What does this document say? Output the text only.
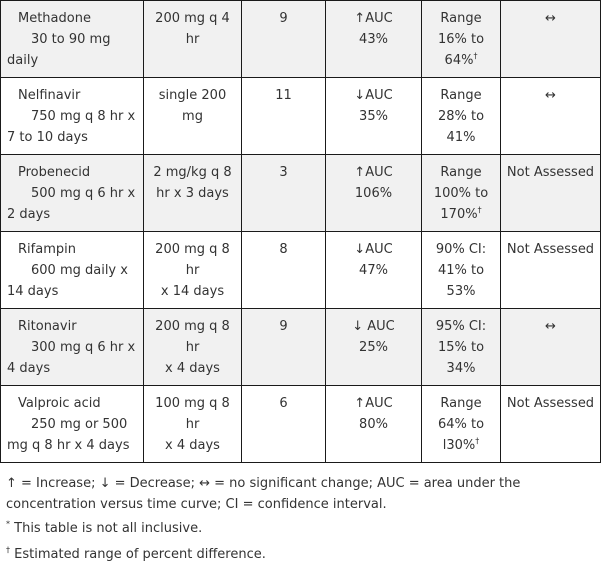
Methadone
30 to 90 mg daily	200 mg q 4
hr	9	↑AUC
43%	Range
16% to
64%†	↔

Nelfinavir
750 mg q 8 hr x 7 to 10 days	single 200
mg	11	↓AUC
35%	Range
28% to
41%	↔

Probenecid
500 mg q 6 hr x 2 days	2 mg/kg q 8
hr x 3 days	3	↑AUC
106%	Range
100% to
170%†	Not Assessed

Rifampin
600 mg daily x 14 days	200 mg q 8
hr
x 14 days	8	↓AUC
47%	90% CI:
41% to
53%	Not Assessed

Ritonavir
300 mg q 6 hr x 4 days	200 mg q 8
hr
x 4 days	9	↓ AUC
25%	95% CI:
15% to
34%	↔

Valproic acid
250 mg or 500 mg q 8 hr x 4 days	100 mg q 8
hr
x 4 days	6	↑AUC
80%	Range
64% to
l30%†	Not Assessed

↑ = Increase; ↓ = Decrease; ↔ = no significant change; AUC = area under the concentration versus time curve; CI = confidence interval.

* This table is not all inclusive.

† Estimated range of percent difference.
